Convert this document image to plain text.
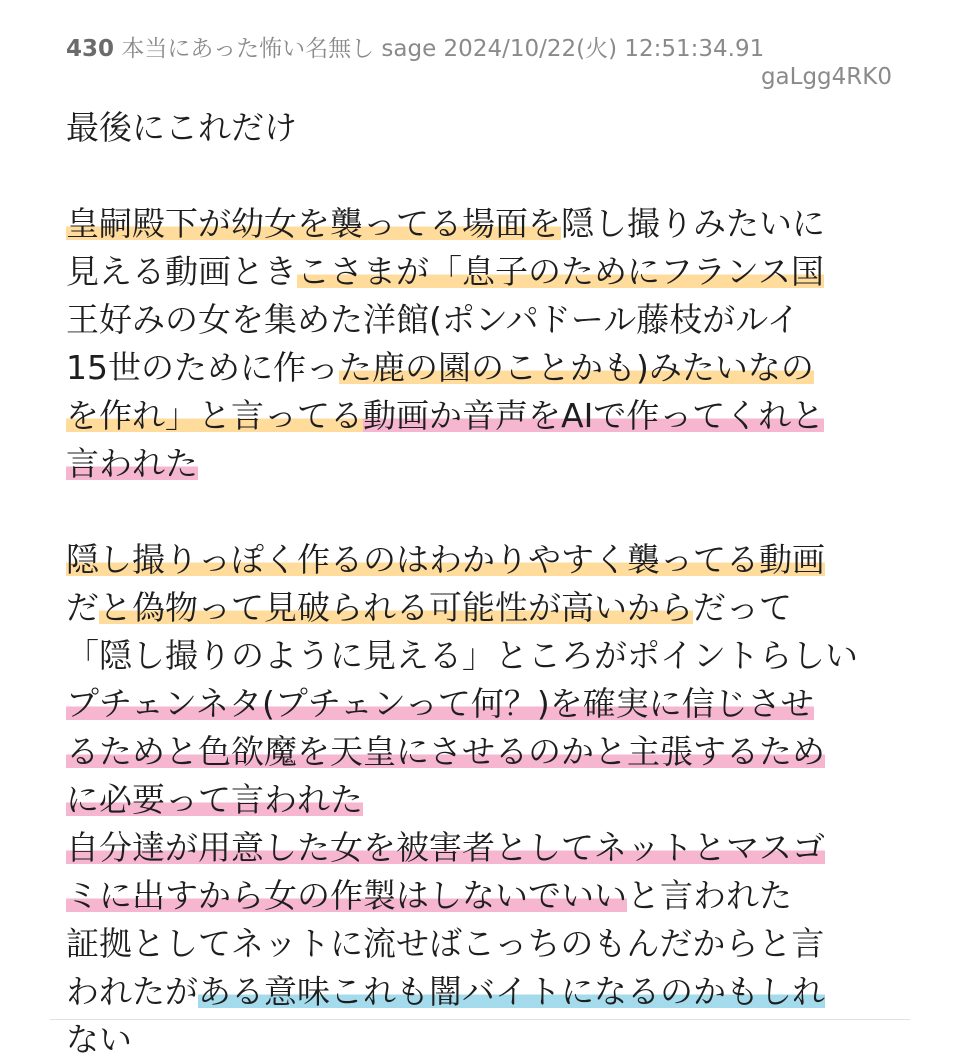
430 本当にあった怖い名無し sage 2024/10/22(火) 12:51:34.91
gaLgg4RK0
最後にこれだけ
皇嗣殿下が幼女を襲ってる場面を隠し撮りみたいに
見える動画ときこさまが「息子のためにフランス国
王好みの女を集めた洋館(ポンパドール藤枝がルイ
15世のために作った鹿の園のことかも)みたいなの
を作れ」と言ってる動画か音声をAIで作ってくれと
言われた
隠し撮りっぽく作るのはわかりやすく襲ってる動画
だと偽物って見破られる可能性が高いからだって
「隠し撮りのように見える」ところがポイントらしい
プチェンネタ(プチェンって何？)を確実に信じさせ
るためと色欲魔を天皇にさせるのかと主張するため
に必要って言われた
自分達が用意した女を被害者としてネットとマスゴ
ミに出すから女の作製はしないでいいと言われた
証拠としてネットに流せばこっちのもんだからと言
われたがある意味これも闇バイトになるのかもしれ
ない
